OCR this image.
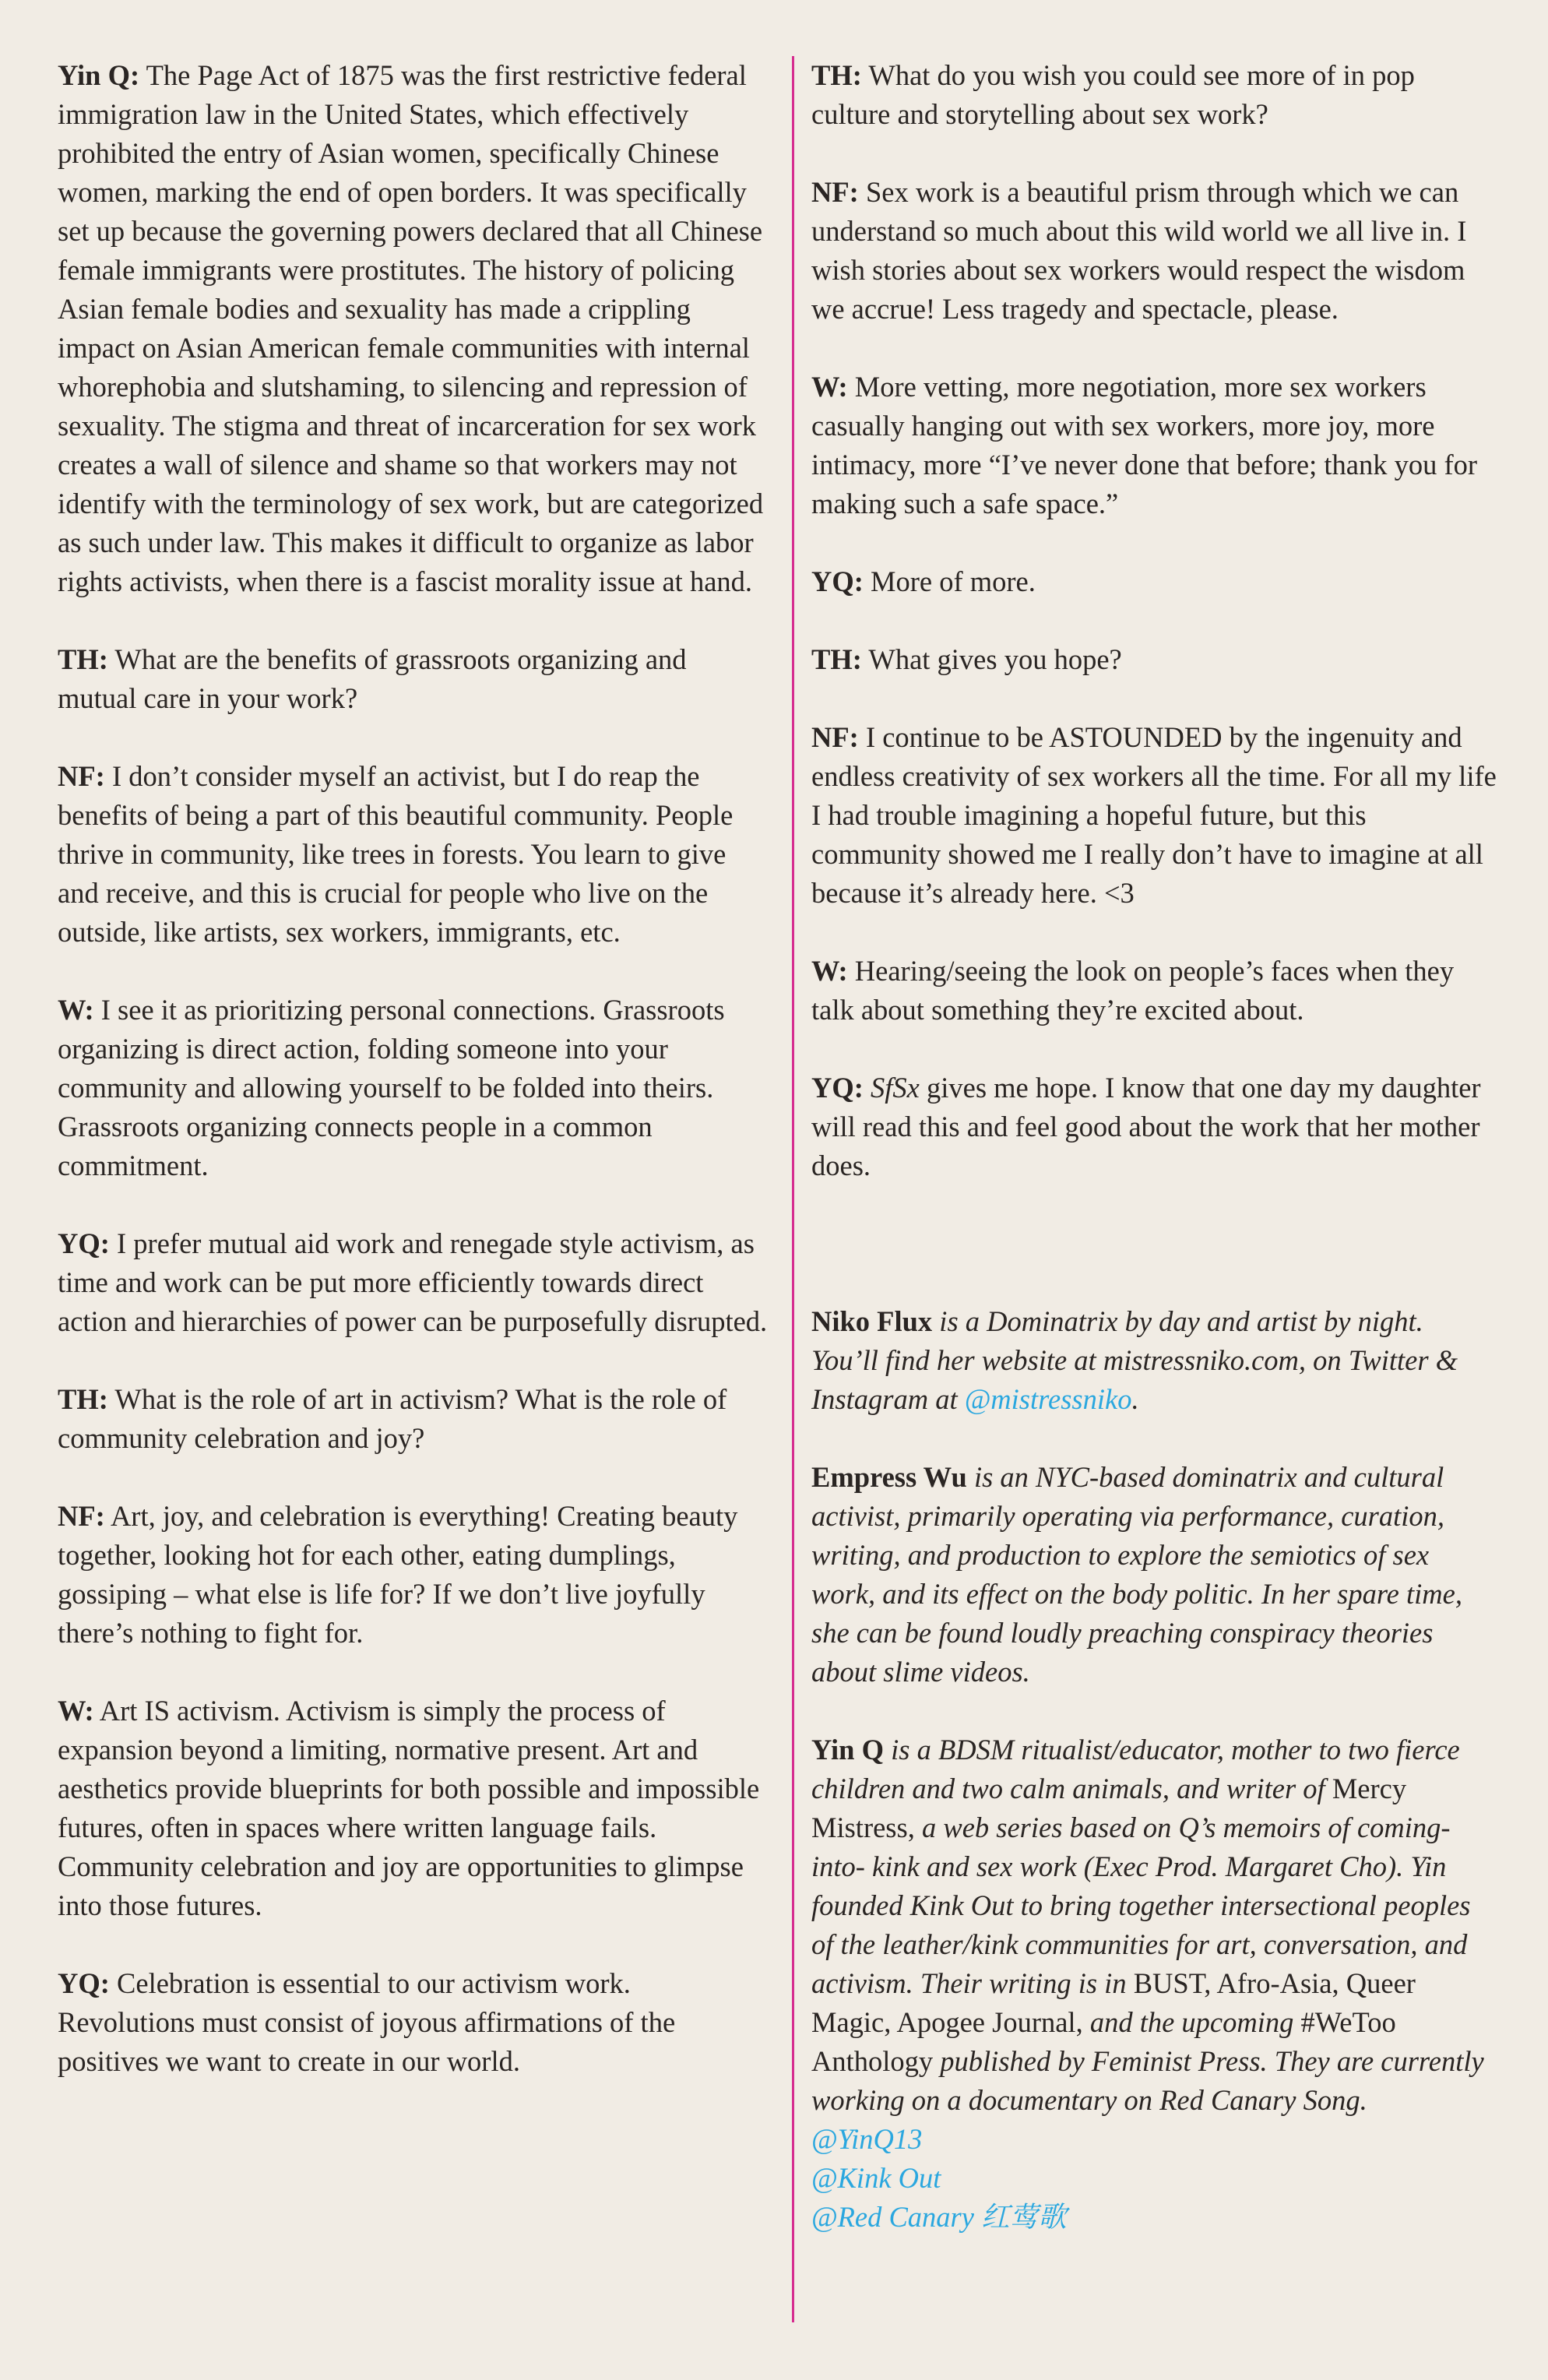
Yin Q: The Page Act of 1875 was the first restrictive federal immigration law in the United States, which effectively prohibited the entry of Asian women, specifically Chinese women, marking the end of open borders. It was specifically set up because the governing powers declared that all Chinese female immigrants were prostitutes. The history of policing Asian female bodies and sexuality has made a crippling impact on Asian American female communities with internal whorephobia and slutshaming, to silencing and repression of sexuality. The stigma and threat of incarceration for sex work creates a wall of silence and shame so that workers may not identify with the terminology of sex work, but are categorized as such under law. This makes it difficult to organize as labor rights activists, when there is a fascist morality issue at hand.

TH: What are the benefits of grassroots organizing and mutual care in your work?

NF: I don’t consider myself an activist, but I do reap the benefits of being a part of this beautiful community. People thrive in community, like trees in forests. You learn to give and receive, and this is crucial for people who live on the outside, like artists, sex workers, immigrants, etc.

W: I see it as prioritizing personal connections. Grassroots organizing is direct action, folding someone into your community and allowing yourself to be folded into theirs. Grassroots organizing connects people in a common commitment.

YQ: I prefer mutual aid work and renegade style activism, as time and work can be put more efficiently towards direct action and hierarchies of power can be purposefully disrupted.

TH: What is the role of art in activism? What is the role of community celebration and joy?

NF: Art, joy, and celebration is everything! Creating beauty together, looking hot for each other, eating dumplings, gossiping – what else is life for? If we don’t live joyfully there’s nothing to fight for.

W: Art IS activism. Activism is simply the process of expansion beyond a limiting, normative present. Art and aesthetics provide blueprints for both possible and impossible futures, often in spaces where written language fails. Community celebration and joy are opportunities to glimpse into those futures.

YQ: Celebration is essential to our activism work. Revolutions must consist of joyous affirmations of the positives we want to create in our world.

TH: What do you wish you could see more of in pop culture and storytelling about sex work?

NF: Sex work is a beautiful prism through which we can understand so much about this wild world we all live in. I wish stories about sex workers would respect the wisdom we accrue! Less tragedy and spectacle, please.

W: More vetting, more negotiation, more sex workers casually hanging out with sex workers, more joy, more intimacy, more “I’ve never done that before; thank you for making such a safe space.”

YQ: More of more.

TH: What gives you hope?

NF: I continue to be ASTOUNDED by the ingenuity and endless creativity of sex workers all the time. For all my life I had trouble imagining a hopeful future, but this community showed me I really don’t have to imagine at all because it’s already here. <3

W: Hearing/seeing the look on people’s faces when they talk about something they’re excited about.

YQ: SfSx gives me hope. I know that one day my daughter will read this and feel good about the work that her mother does.

Niko Flux is a Dominatrix by day and artist by night. You’ll find her website at mistressniko.com, on Twitter & Instagram at @mistressniko.

Empress Wu is an NYC-based dominatrix and cultural activist, primarily operating via performance, curation, writing, and production to explore the semiotics of sex work, and its effect on the body politic. In her spare time, she can be found loudly preaching conspiracy theories about slime videos.

Yin Q is a BDSM ritualist/educator, mother to two fierce children and two calm animals, and writer of Mercy Mistress, a web series based on Q’s memoirs of coming-into- kink and sex work (Exec Prod. Margaret Cho). Yin founded Kink Out to bring together intersectional peoples of the leather/kink communities for art, conversation, and activism. Their writing is in BUST, Afro-Asia, Queer Magic, Apogee Journal, and the upcoming #WeToo Anthology published by Feminist Press. They are currently working on a documentary on Red Canary Song.
@YinQ13
@Kink Out
@Red Canary 红莺歌
